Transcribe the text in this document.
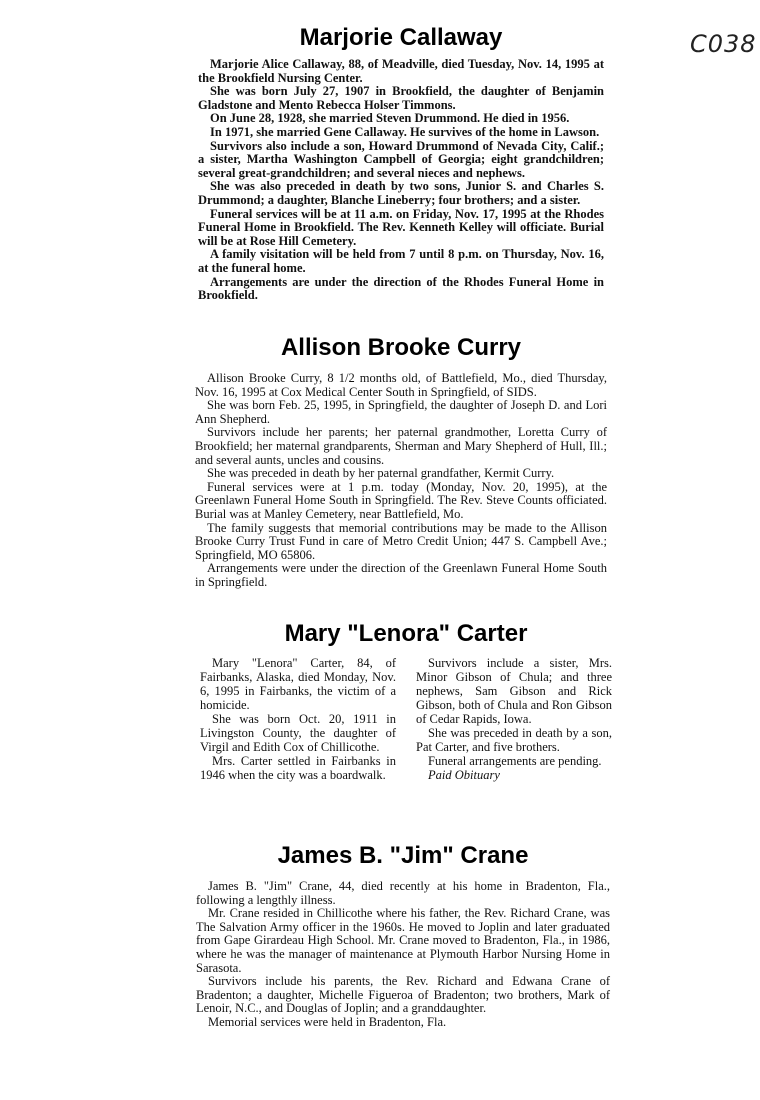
C038
Marjorie Callaway

Marjorie Alice Callaway, 88, of Meadville, died Tuesday, Nov. 14, 1995 at the Brookfield Nursing Center.

She was born July 27, 1907 in Brookfield, the daughter of Benjamin Gladstone and Mento Rebecca Holser Timmons.

On June 28, 1928, she married Steven Drummond. He died in 1956.

In 1971, she married Gene Callaway. He survives of the home in Lawson.

Survivors also include a son, Howard Drummond of Nevada City, Calif.; a sister, Martha Washington Campbell of Georgia; eight grandchildren; several great-grandchildren; and several nieces and nephews.

She was also preceded in death by two sons, Junior S. and Charles S. Drummond; a daughter, Blanche Lineberry; four brothers; and a sister.

Funeral services will be at 11 a.m. on Friday, Nov. 17, 1995 at the Rhodes Funeral Home in Brookfield. The Rev. Kenneth Kelley will officiate. Burial will be at Rose Hill Cemetery.

A family visitation will be held from 7 until 8 p.m. on Thursday, Nov. 16, at the funeral home.

Arrangements are under the direction of the Rhodes Funeral Home in Brookfield.

Allison Brooke Curry

Allison Brooke Curry, 8 1/2 months old, of Battlefield, Mo., died Thursday, Nov. 16, 1995 at Cox Medical Center South in Springfield, of SIDS.

She was born Feb. 25, 1995, in Springfield, the daughter of Joseph D. and Lori Ann Shepherd.

Survivors include her parents; her paternal grandmother, Loretta Curry of Brookfield; her maternal grandparents, Sherman and Mary Shepherd of Hull, Ill.; and several aunts, uncles and cousins.

She was preceded in death by her paternal grandfather, Kermit Curry.

Funeral services were at 1 p.m. today (Monday, Nov. 20, 1995), at the Greenlawn Funeral Home South in Springfield. The Rev. Steve Counts officiated. Burial was at Manley Cemetery, near Battlefield, Mo.

The family suggests that memorial contributions may be made to the Allison Brooke Curry Trust Fund in care of Metro Credit Union; 447 S. Campbell Ave.; Springfield, MO 65806.

Arrangements were under the direction of the Greenlawn Funeral Home South in Springfield.

Mary "Lenora" Carter

Mary "Lenora" Carter, 84, of Fairbanks, Alaska, died Monday, Nov. 6, 1995 in Fairbanks, the victim of a homicide.

She was born Oct. 20, 1911 in Livingston County, the daughter of Virgil and Edith Cox of Chillicothe.

Mrs. Carter settled in Fairbanks in 1946 when the city was a boardwalk.

Survivors include a sister, Mrs. Minor Gibson of Chula; and three nephews, Sam Gibson and Rick Gibson, both of Chula and Ron Gibson of Cedar Rapids, Iowa.

She was preceded in death by a son, Pat Carter, and five brothers.

Funeral arrangements are pending.

Paid Obituary

James B. "Jim" Crane

James B. "Jim" Crane, 44, died recently at his home in Bradenton, Fla., following a lengthly illness.

Mr. Crane resided in Chillicothe where his father, the Rev. Richard Crane, was The Salvation Army officer in the 1960s. He moved to Joplin and later graduated from Gape Girardeau High School. Mr. Crane moved to Bradenton, Fla., in 1986, where he was the manager of maintenance at Plymouth Harbor Nursing Home in Sarasota.

Survivors include his parents, the Rev. Richard and Edwana Crane of Bradenton; a daughter, Michelle Figueroa of Bradenton; two brothers, Mark of Lenoir, N.C., and Douglas of Joplin; and a granddaughter.

Memorial services were held in Bradenton, Fla.
